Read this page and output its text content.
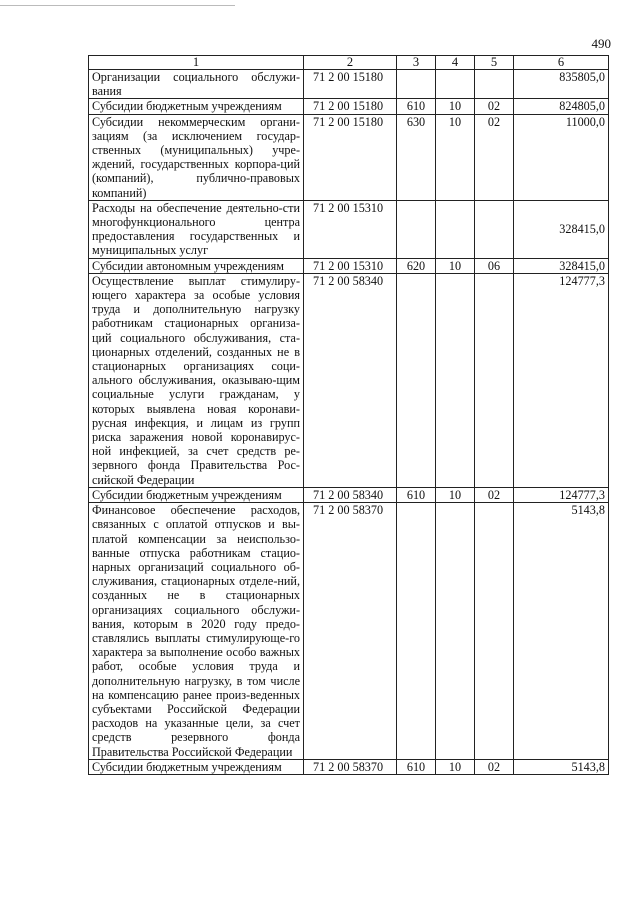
490
1	2	3	4	5	6
Организации социального обслужи-вания	71 2 00 15180				835805,0
Субсидии бюджетным учреждениям	71 2 00 15180	610	10	02	824805,0
Субсидии некоммерческим органи-зациям (за исключением государ-ственных (муниципальных) учре-ждений, государственных корпора-ций (компаний), публично-правовых компаний)	71 2 00 15180	630	10	02	11000,0
Расходы на обеспечение деятельно-сти многофункционального центра предоставления государственных и муниципальных услуг	71 2 00 15310				328415,0
Субсидии автономным учреждениям	71 2 00 15310	620	10	06	328415,0
Осуществление выплат стимулиру-ющего характера за особые условия труда и дополнительную нагрузку работникам стационарных организа-ций социального обслуживания, ста-ционарных отделений, созданных не в стационарных организациях соци-ального обслуживания, оказываю-щим социальные услуги гражданам, у которых выявлена новая коронави-русная инфекция, и лицам из групп риска заражения новой коронавирус-ной инфекцией, за счет средств ре-зервного фонда Правительства Рос-сийской Федерации	71 2 00 58340				124777,3
Субсидии бюджетным учреждениям	71 2 00 58340	610	10	02	124777,3
Финансовое обеспечение расходов, связанных с оплатой отпусков и вы-платой компенсации за неиспользо-ванные отпуска работникам стацио-нарных организаций социального об-служивания, стационарных отделе-ний, созданных не в стационарных организациях социального обслужи-вания, которым в 2020 году предо-ставлялись выплаты стимулирующе-го характера за выполнение особо важных работ, особые условия труда и дополнительную нагрузку, в том числе на компенсацию ранее произ-веденных субъектами Российской Федерации расходов на указанные цели, за счет средств резервного фонда Правительства Российской Федерации	71 2 00 58370				5143,8
Субсидии бюджетным учреждениям	71 2 00 58370	610	10	02	5143,8
